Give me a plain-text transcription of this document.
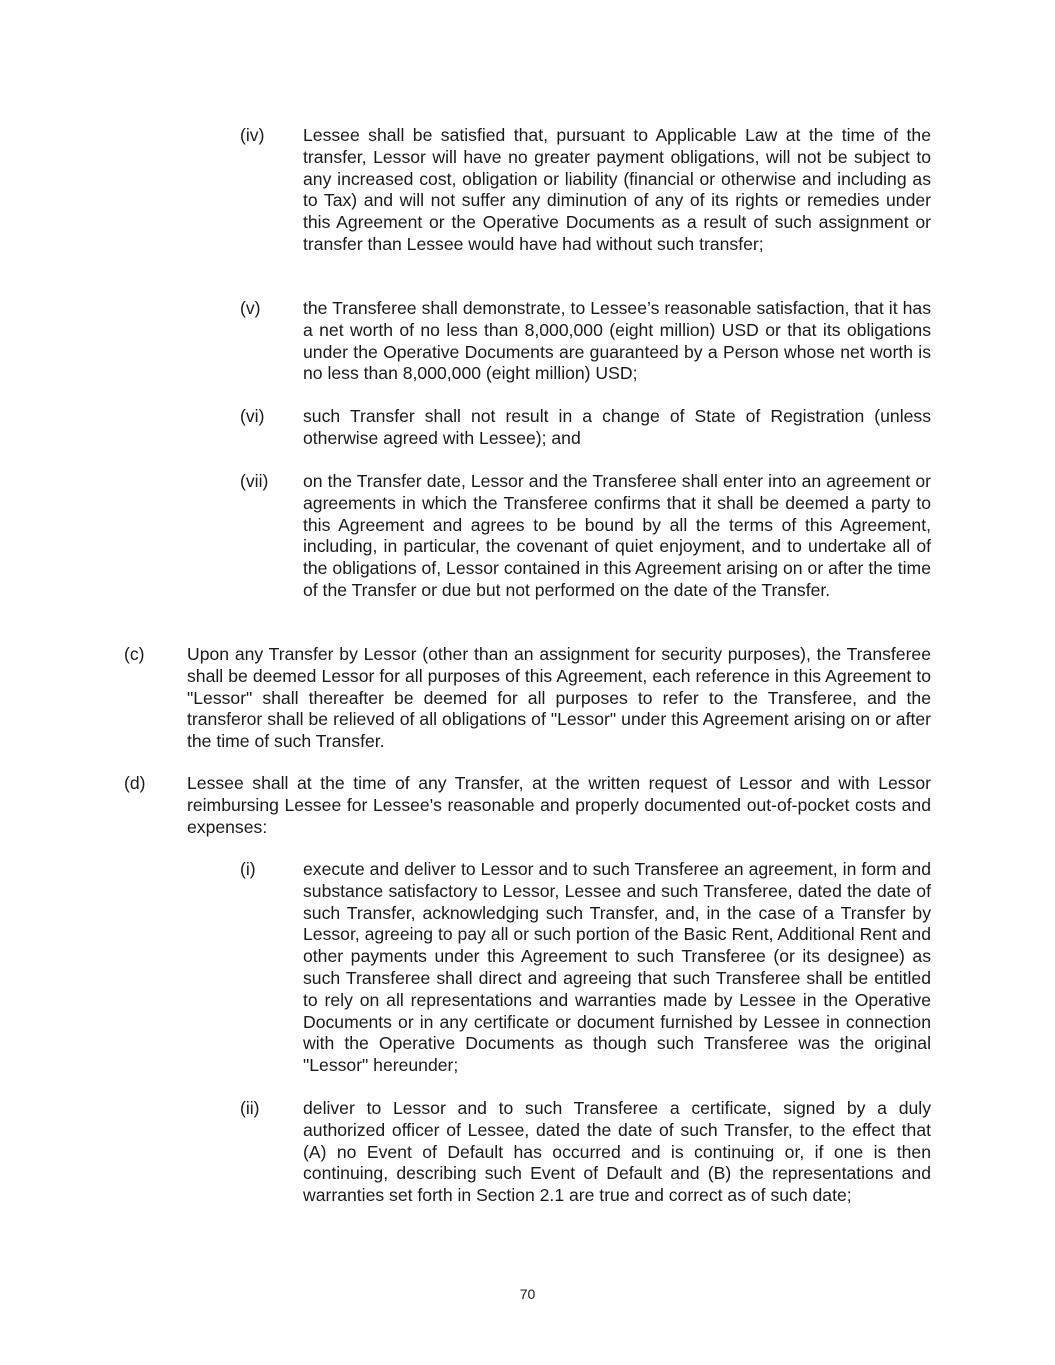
(iv) Lessee shall be satisfied that, pursuant to Applicable Law at the time of the transfer, Lessor will have no greater payment obligations, will not be subject to any increased cost, obligation or liability (financial or otherwise and including as to Tax) and will not suffer any diminution of any of its rights or remedies under this Agreement or the Operative Documents as a result of such assignment or transfer than Lessee would have had without such transfer;
(v) the Transferee shall demonstrate, to Lessee’s reasonable satisfaction, that it has a net worth of no less than 8,000,000 (eight million) USD or that its obligations under the Operative Documents are guaranteed by a Person whose net worth is no less than 8,000,000 (eight million) USD;
(vi) such Transfer shall not result in a change of State of Registration (unless otherwise agreed with Lessee); and
(vii) on the Transfer date, Lessor and the Transferee shall enter into an agreement or agreements in which the Transferee confirms that it shall be deemed a party to this Agreement and agrees to be bound by all the terms of this Agreement, including, in particular, the covenant of quiet enjoyment, and to undertake all of the obligations of, Lessor contained in this Agreement arising on or after the time of the Transfer or due but not performed on the date of the Transfer.
(c) Upon any Transfer by Lessor (other than an assignment for security purposes), the Transferee shall be deemed Lessor for all purposes of this Agreement, each reference in this Agreement to "Lessor" shall thereafter be deemed for all purposes to refer to the Transferee, and the transferor shall be relieved of all obligations of "Lessor" under this Agreement arising on or after the time of such Transfer.
(d) Lessee shall at the time of any Transfer, at the written request of Lessor and with Lessor reimbursing Lessee for Lessee's reasonable and properly documented out-of-pocket costs and expenses:
(i)	execute and deliver to Lessor and to such Transferee an agreement, in form and substance satisfactory to Lessor, Lessee and such Transferee, dated the date of such Transfer, acknowledging such Transfer, and, in the case of a Transfer by Lessor, agreeing to pay all or such portion of the Basic Rent, Additional Rent and other payments under this Agreement to such Transferee (or its designee) as such Transferee shall direct and agreeing that such Transferee shall be entitled to rely on all representations and warranties made by Lessee in the Operative Documents or in any certificate or document furnished by Lessee in connection with the Operative Documents as though such Transferee was the original "Lessor" hereunder;
(ii) deliver to Lessor and to such Transferee a certificate, signed by a duly authorized officer of Lessee, dated the date of such Transfer, to the effect that (A) no Event of Default has occurred and is continuing or, if one is then continuing, describing such Event of Default and (B) the representations and warranties set forth in Section 2.1 are true and correct as of such date;
70
